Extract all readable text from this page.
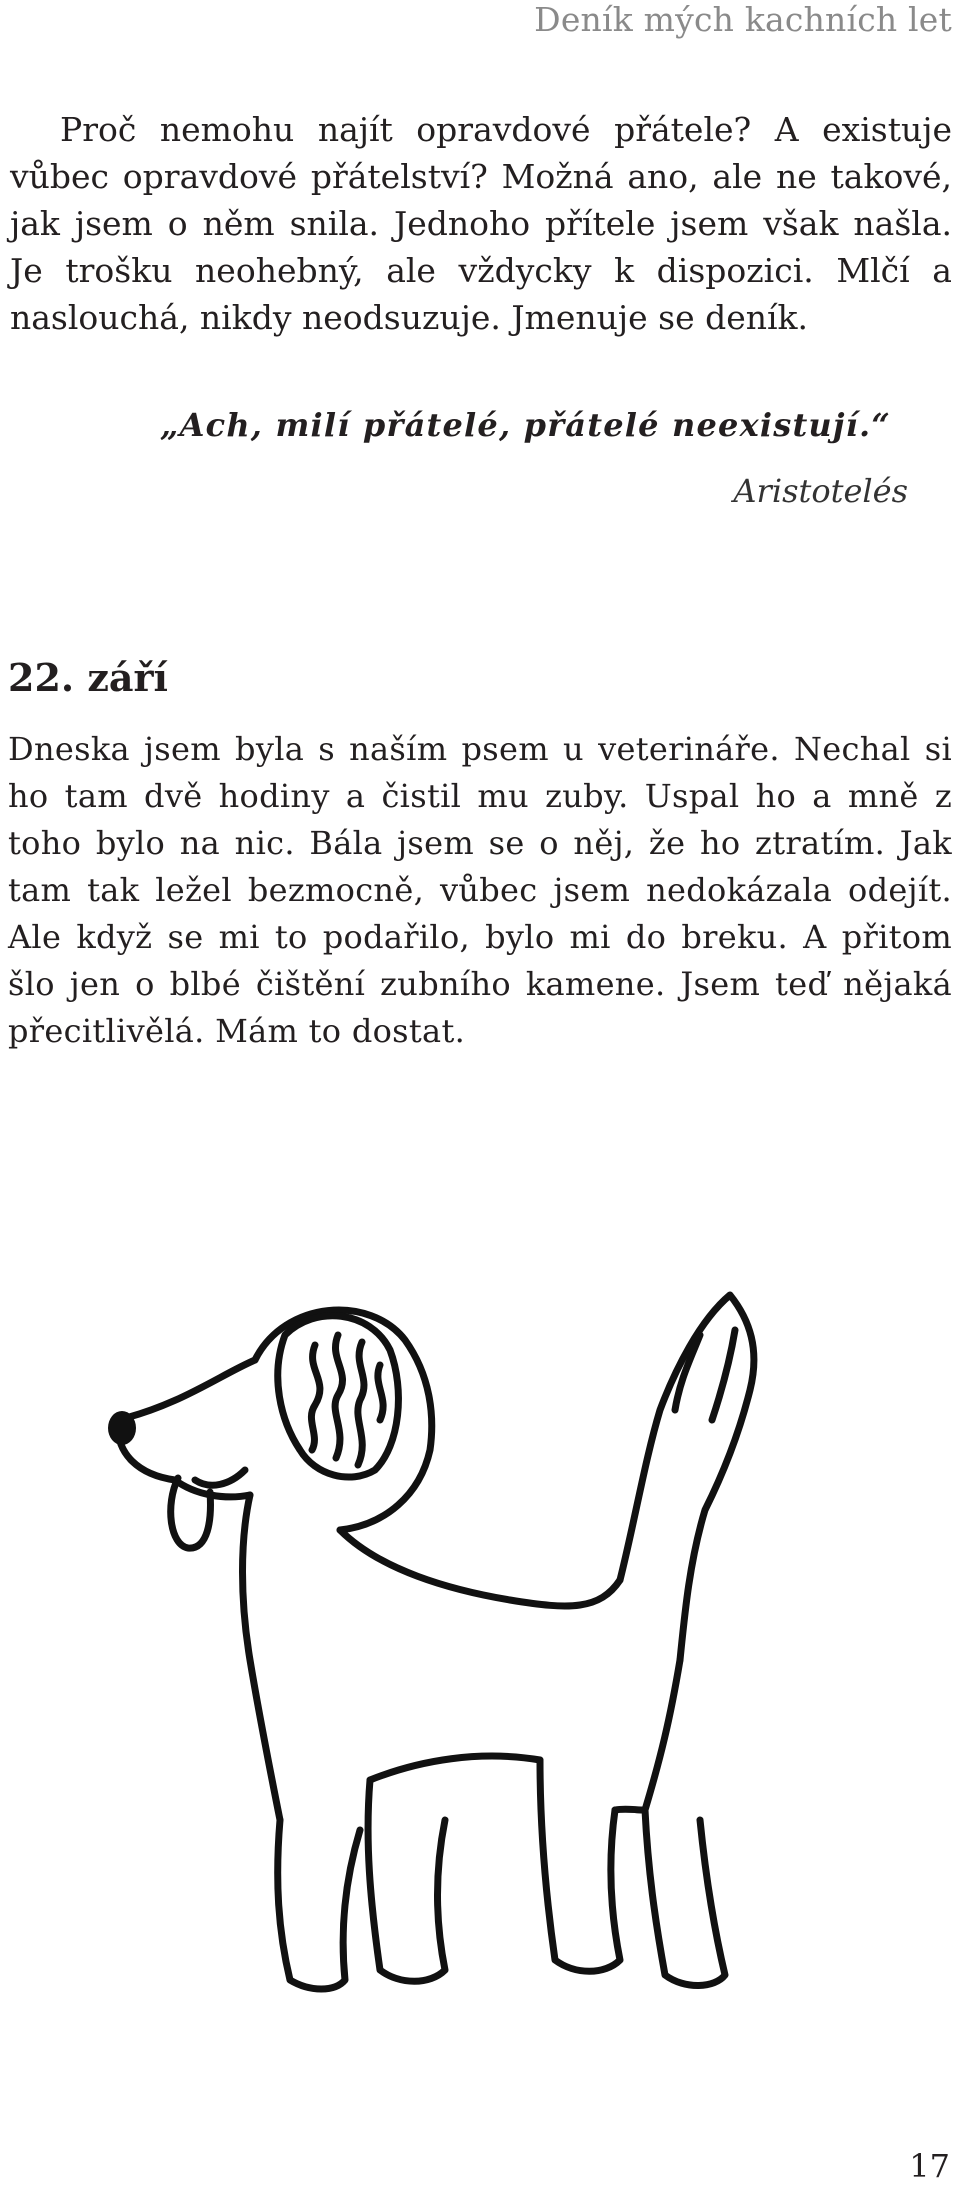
Deník mých kachních let

Proč nemohu najít opravdové přátele? A existuje vůbec opravdové přátelství? Možná ano, ale ne takové, jak jsem o něm snila. Jednoho přítele jsem však našla. Je trošku neohebný, ale vždycky k dispozici. Mlčí a naslouchá, nikdy neodsuzuje. Jmenuje se deník.

„Ach, milí přátelé, přátelé neexistují.“

Aristotelés

22. září

Dneska jsem byla s naším psem u veterináře. Nechal si ho tam dvě hodiny a čistil mu zuby. Uspal ho a mně z toho bylo na nic. Bála jsem se o něj, že ho ztratím. Jak tam tak ležel bezmocně, vůbec jsem nedokázala odejít. Ale když se mi to podařilo, bylo mi do breku. A přitom šlo jen o blbé čištění zubního kamene. Jsem teď nějaká přecitlivělá. Mám to dostat.

17
